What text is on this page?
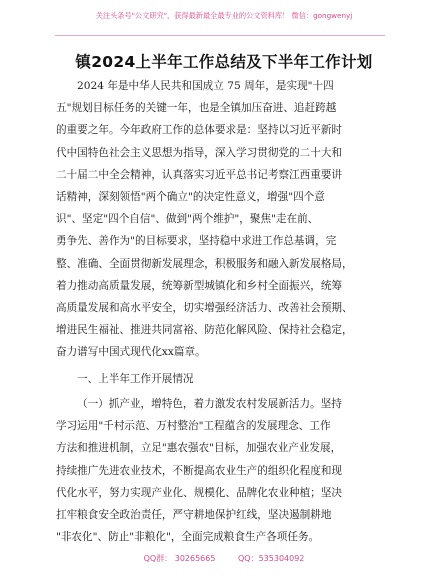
关注头条号"公文研究"，获得最新最全最专业的公文资料库！ 微信：gongwenyj
镇2024上半年工作总结及下半年工作计划
2024 年是中华人民共和国成立 75 周年，是实现"十四
五"规划目标任务的关键一年，也是全镇加压奋进、追赶跨越
的重要之年。今年政府工作的总体要求是：坚持以习近平新时
代中国特色社会主义思想为指导，深入学习贯彻党的二十大和
二十届二中全会精神，认真落实习近平总书记考察江西重要讲
话精神，深刻领悟"两个确立"的决定性意义，增强"四个意
识"、坚定"四个自信"、做到"两个维护"，聚焦"走在前、
勇争先、善作为"的目标要求，坚持稳中求进工作总基调，完
整、准确、全面贯彻新发展理念，积极服务和融入新发展格局，
着力推动高质量发展，统筹新型城镇化和乡村全面振兴，统筹
高质量发展和高水平安全，切实增强经济活力、改善社会预期、
增进民生福祉、推进共同富裕、防范化解风险、保持社会稳定，
奋力谱写中国式现代化xx篇章。
一、上半年工作开展情况
（一）抓产业，增特色，着力激发农村发展新活力。坚持
学习运用"千村示范、万村整治"工程蕴含的发展理念、工作
方法和推进机制，立足"惠农强农"目标，加强农业产业发展，
持续推广先进农业技术，不断提高农业生产的组织化程度和现
代化水平，努力实现产业化、规模化、品牌化农业种植；坚决
扛牢粮食安全政治责任，严守耕地保护红线，坚决遏制耕地
"非农化"、防止"非粮化"，全面完成粮食生产各项任务。
QQ群： 30265665	QQ：535304092
